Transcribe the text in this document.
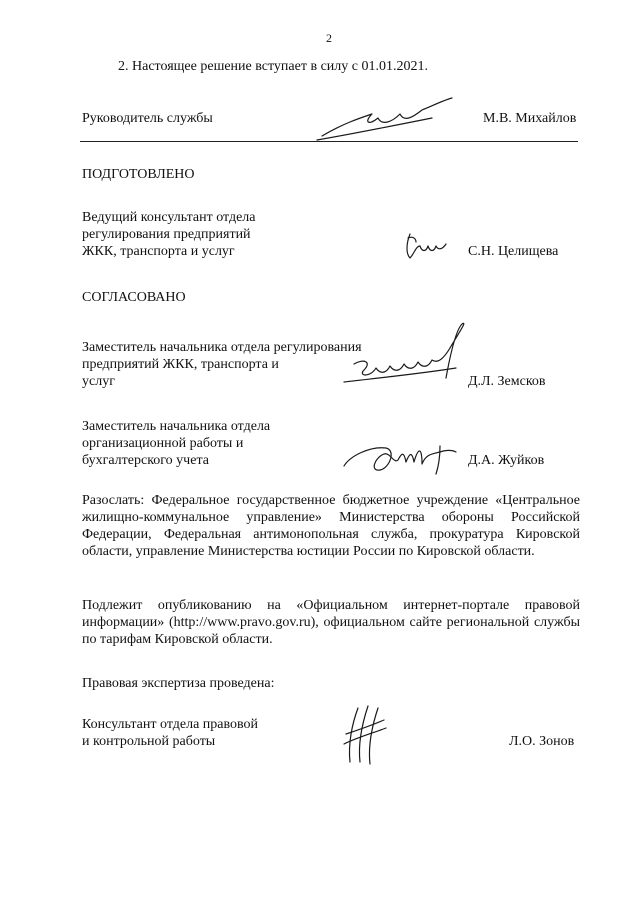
2
2. Настоящее решение вступает в силу с 01.01.2021.
Руководитель службы	М.В. Михайлов
ПОДГОТОВЛЕНО
Ведущий консультант отдела
регулирования предприятий
ЖКК, транспорта и услуг	С.Н. Целищева
СОГЛАСОВАНО
Заместитель начальника отдела регулирования
предприятий ЖКК, транспорта и
услуг	Д.Л. Земсков
Заместитель начальника отдела
организационной работы и
бухгалтерского учета	Д.А. Жуйков
Разослать: Федеральное государственное бюджетное учреждение «Центральное жилищно-коммунальное управление» Министерства обороны Российской Федерации, Федеральная антимонопольная служба, прокуратура Кировской области, управление Министерства юстиции России по Кировской области.
Подлежит опубликованию на «Официальном интернет-портале правовой информации» (http://www.pravo.gov.ru), официальном сайте региональной службы по тарифам Кировской области.
Правовая экспертиза проведена:
Консультант отдела правовой
и контрольной работы	Л.О. Зонов
